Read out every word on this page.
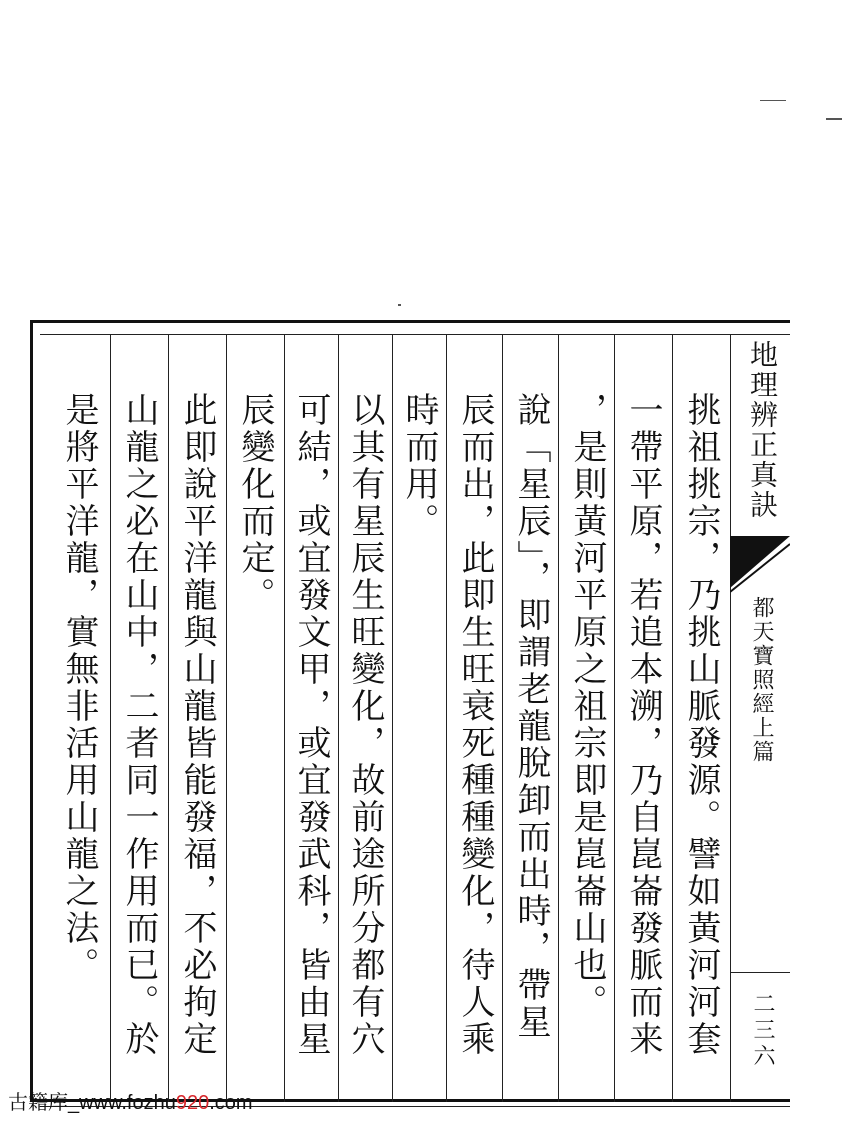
挑祖挑宗，乃挑山脈發源。譬如黃河河套
一帶平原，若追本溯，乃自崑崙發脈而来
，是則黃河平原之祖宗即是崑崙山也。
說「星辰」，即謂老龍脫卸而出時，帶星
辰而出，此即生旺衰死種種變化，待人乘
時而用。
以其有星辰生旺變化，故前途所分都有穴
可結，或宜發文甲，或宜發武科，皆由星
辰變化而定。
此即說平洋龍與山龍皆能發福，不必拘定
山龍之必在山中，二者同一作用而已。於
是將平洋龍，實無非活用山龍之法。	地理辨正真訣
都天寶照經上篇
二三六
古籍库_www.fozhu920.com
